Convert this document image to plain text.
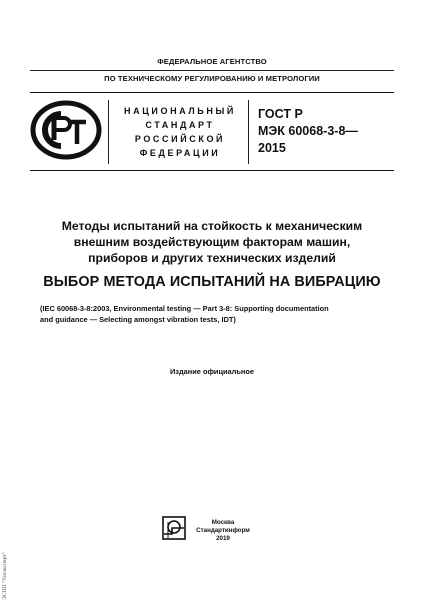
ФЕДЕРАЛЬНОЕ АГЕНТСТВО
ПО ТЕХНИЧЕСКОМУ РЕГУЛИРОВАНИЮ И МЕТРОЛОГИИ
НАЦИОНАЛЬНЫЙ
СТАНДАРТ
РОССИЙСКОЙ
ФЕДЕРАЦИИ
ГОСТ Р
МЭК 60068-3-8—
2015
Методы испытаний на стойкость к механическим
внешним воздействующим факторам машин,
приборов и других технических изделий
ВЫБОР МЕТОДА ИСПЫТАНИЙ НА ВИБРАЦИЮ
(IEC 60068-3-8:2003, Environmental testing — Part 3-8: Supporting documentation
and guidance — Selecting amongst vibration tests, IDT)
Издание официальное
Москва
Стандартинформ
2019
ЭСПП "Техэксперт"
